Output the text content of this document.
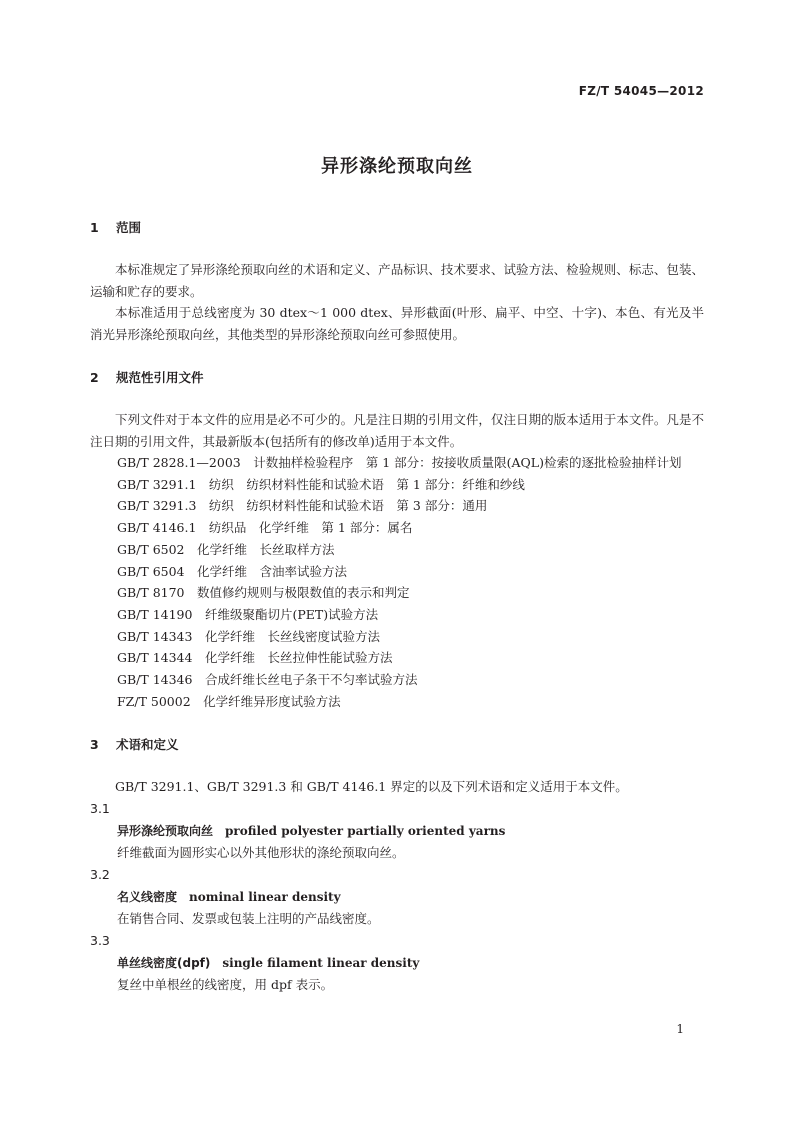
FZ/T 54045—2012
异形涤纶预取向丝
1 范围

本标准规定了异形涤纶预取向丝的术语和定义、产品标识、技术要求、试验方法、检验规则、标志、包装、运输和贮存的要求。

本标准适用于总线密度为 30 dtex～1 000 dtex、异形截面(叶形、扁平、中空、十字)、本色、有光及半消光异形涤纶预取向丝，其他类型的异形涤纶预取向丝可参照使用。

2 规范性引用文件

下列文件对于本文件的应用是必不可少的。凡是注日期的引用文件，仅注日期的版本适用于本文件。凡是不注日期的引用文件，其最新版本(包括所有的修改单)适用于本文件。

GB/T 2828.1—2003　计数抽样检验程序　第 1 部分：按接收质量限(AQL)检索的逐批检验抽样计划

GB/T 3291.1　纺织　纺织材料性能和试验术语　第 1 部分：纤维和纱线

GB/T 3291.3　纺织　纺织材料性能和试验术语　第 3 部分：通用

GB/T 4146.1　纺织品　化学纤维　第 1 部分：属名

GB/T 6502　化学纤维　长丝取样方法

GB/T 6504　化学纤维　含油率试验方法

GB/T 8170　数值修约规则与极限数值的表示和判定

GB/T 14190　纤维级聚酯切片(PET)试验方法

GB/T 14343　化学纤维　长丝线密度试验方法

GB/T 14344　化学纤维　长丝拉伸性能试验方法

GB/T 14346　合成纤维长丝电子条干不匀率试验方法

FZ/T 50002　化学纤维异形度试验方法

3 术语和定义

GB/T 3291.1、GB/T 3291.3 和 GB/T 4146.1 界定的以及下列术语和定义适用于本文件。

3.1
异形涤纶预取向丝 profiled polyester partially oriented yarns
纤维截面为圆形实心以外其他形状的涤纶预取向丝。
3.2
名义线密度 nominal linear density
在销售合同、发票或包装上注明的产品线密度。
3.3
单丝线密度(dpf) single filament linear density
复丝中单根丝的线密度，用 dpf 表示。
1
